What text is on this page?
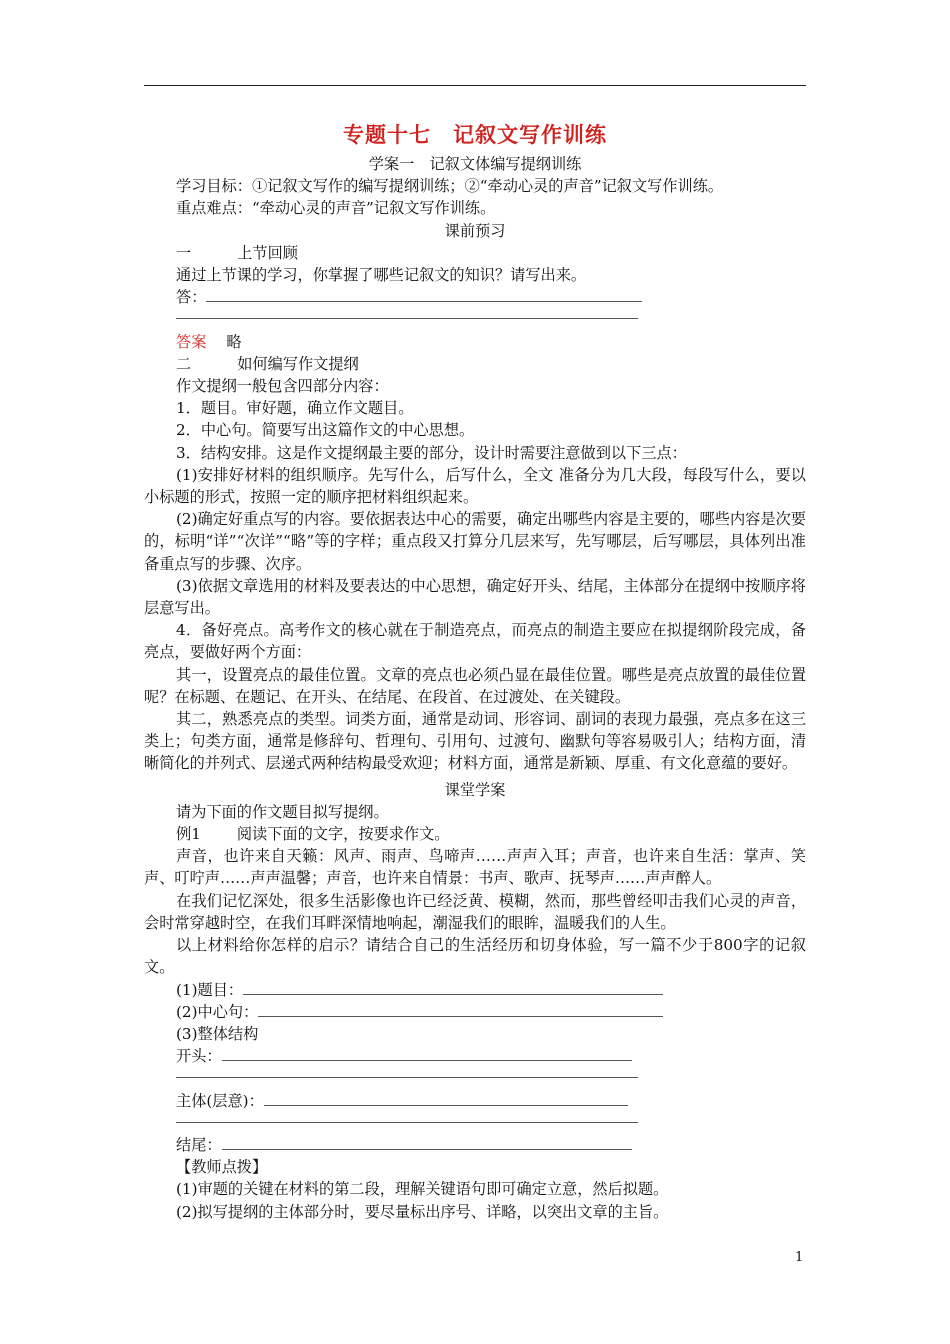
专题十七　记叙文写作训练
学案一　记叙文体编写提纲训练
学习目标：①记叙文写作的编写提纲训练；②“牵动心灵的声音”记叙文写作训练。
重点难点：“牵动心灵的声音”记叙文写作训练。
课前预习
一	上节回顾
通过上节课的学习，你掌握了哪些记叙文的知识？请写出来。
答：
答案 略
二	如何编写作文提纲
作文提纲一般包含四部分内容：
1．题目。审好题，确立作文题目。
2．中心句。简要写出这篇作文的中心思想。
3．结构安排。这是作文提纲最主要的部分，设计时需要注意做到以下三点：
(1)安排好材料的组织顺序。先写什么，后写什么，全文 准备分为几大段，每段写什么，要以小标题的形式，按照一定的顺序把材料组织起来。
(2)确定好重点写的内容。要依据表达中心的需要，确定出哪些内容是主要的，哪些内容是次要的，标明“详”“次详”“略”等的字样；重点段又打算分几层来写，先写哪层，后写哪层，具体列出准备重点写的步骤、次序。
(3)依据文章选用的材料及要表达的中心思想，确定好开头、结尾，主体部分在提纲中按顺序将层意写出。
4．备好亮点。高考作文的核心就在于制造亮点，而亮点的制造主要应在拟提纲阶段完成，备亮点，要做好两个方面：
其一，设置亮点的最佳位置。文章的亮点也必须凸显在最佳位置。哪些是亮点放置的最佳位置呢？在标题、在题记、在开头、在结尾、在段首、在过渡处、在关键段。
其二，熟悉亮点的类型。词类方面，通常是动词、形容词、副词的表现力最强，亮点多在这三类上；句类方面，通常是修辞句、哲理句、引用句、过渡句、幽默句等容易吸引人；结构方面，清晰简化的并列式、层递式两种结构最受欢迎；材料方面，通常是新颖、厚重、有文化意蕴的要好。
课堂学案
请为下面的作文题目拟写提纲。
例1 阅读下面的文字，按要求作文。
声音，也许来自天籁：风声、雨声、鸟啼声……声声入耳；声音，也许来自生活：掌声、笑声、叮咛声……声声温馨；声音，也许来自情景：书声、歌声、抚琴声……声声醉人。
在我们记忆深处，很多生活影像也许已经泛黄、模糊，然而，那些曾经叩击我们心灵的声音，会时常穿越时空，在我们耳畔深情地响起，潮湿我们的眼眸，温暖我们的人生。
以上材料给你怎样的启示？请结合自己的生活经历和切身体验，写一篇不少于800字的记叙文。
(1)题目：
(2)中心句：
(3)整体结构
开头：
主体(层意)：
结尾：
【教师点拨】
(1)审题的关键在材料的第二段，理解关键语句即可确定立意，然后拟题。
(2)拟写提纲的主体部分时，要尽量标出序号、详略，以突出文章的主旨。
1
